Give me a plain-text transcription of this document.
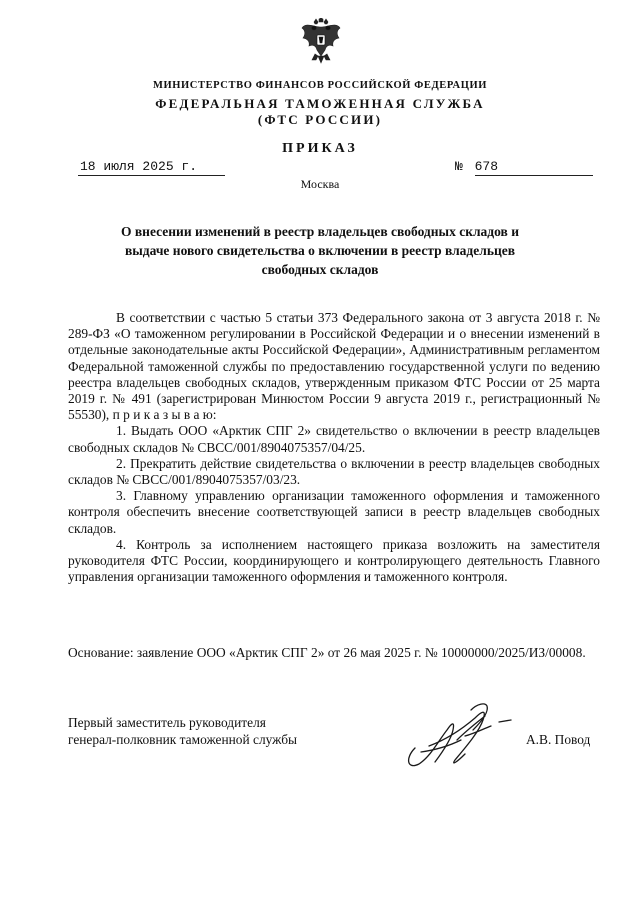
МИНИСТЕРСТВО ФИНАНСОВ РОССИЙСКОЙ ФЕДЕРАЦИИ
ФЕДЕРАЛЬНАЯ ТАМОЖЕННАЯ СЛУЖБА
(ФТС РОССИИ)
ПРИКАЗ
18 июля 2025 г.	№ 678
Москва
О внесении изменений в реестр владельцев свободных складов и выдаче нового свидетельства о включении в реестр владельцев свободных складов

В соответствии с частью 5 статьи 373 Федерального закона от 3 августа 2018 г. № 289-ФЗ «О таможенном регулировании в Российской Федерации и о внесении изменений в отдельные законодательные акты Российской Федерации», Административным регламентом Федеральной таможенной службы по предоставлению государственной услуги по ведению реестра владельцев свободных складов, утвержденным приказом ФТС России от 25 марта 2019 г. № 491 (зарегистрирован Минюстом России 9 августа 2019 г., регистрационный № 55530), п р и к а з ы в а ю:

1. Выдать ООО «Арктик СПГ 2» свидетельство о включении в реестр владельцев свободных складов № СВСС/001/8904075357/04/25.

2. Прекратить действие свидетельства о включении в реестр владельцев свободных складов № СВСС/001/8904075357/03/23.

3. Главному управлению организации таможенного оформления и таможенного контроля обеспечить внесение соответствующей записи в реестр владельцев свободных складов.

4. Контроль за исполнением настоящего приказа возложить на заместителя руководителя ФТС России, координирующего и контролирующего деятельность Главного управления организации таможенного оформления и таможенного контроля.

Основание: заявление ООО «Арктик СПГ 2» от 26 мая 2025 г. № 10000000/2025/ИЗ/00008.

Первый заместитель руководителя
генерал-полковник таможенной службы	А.В. Повод
